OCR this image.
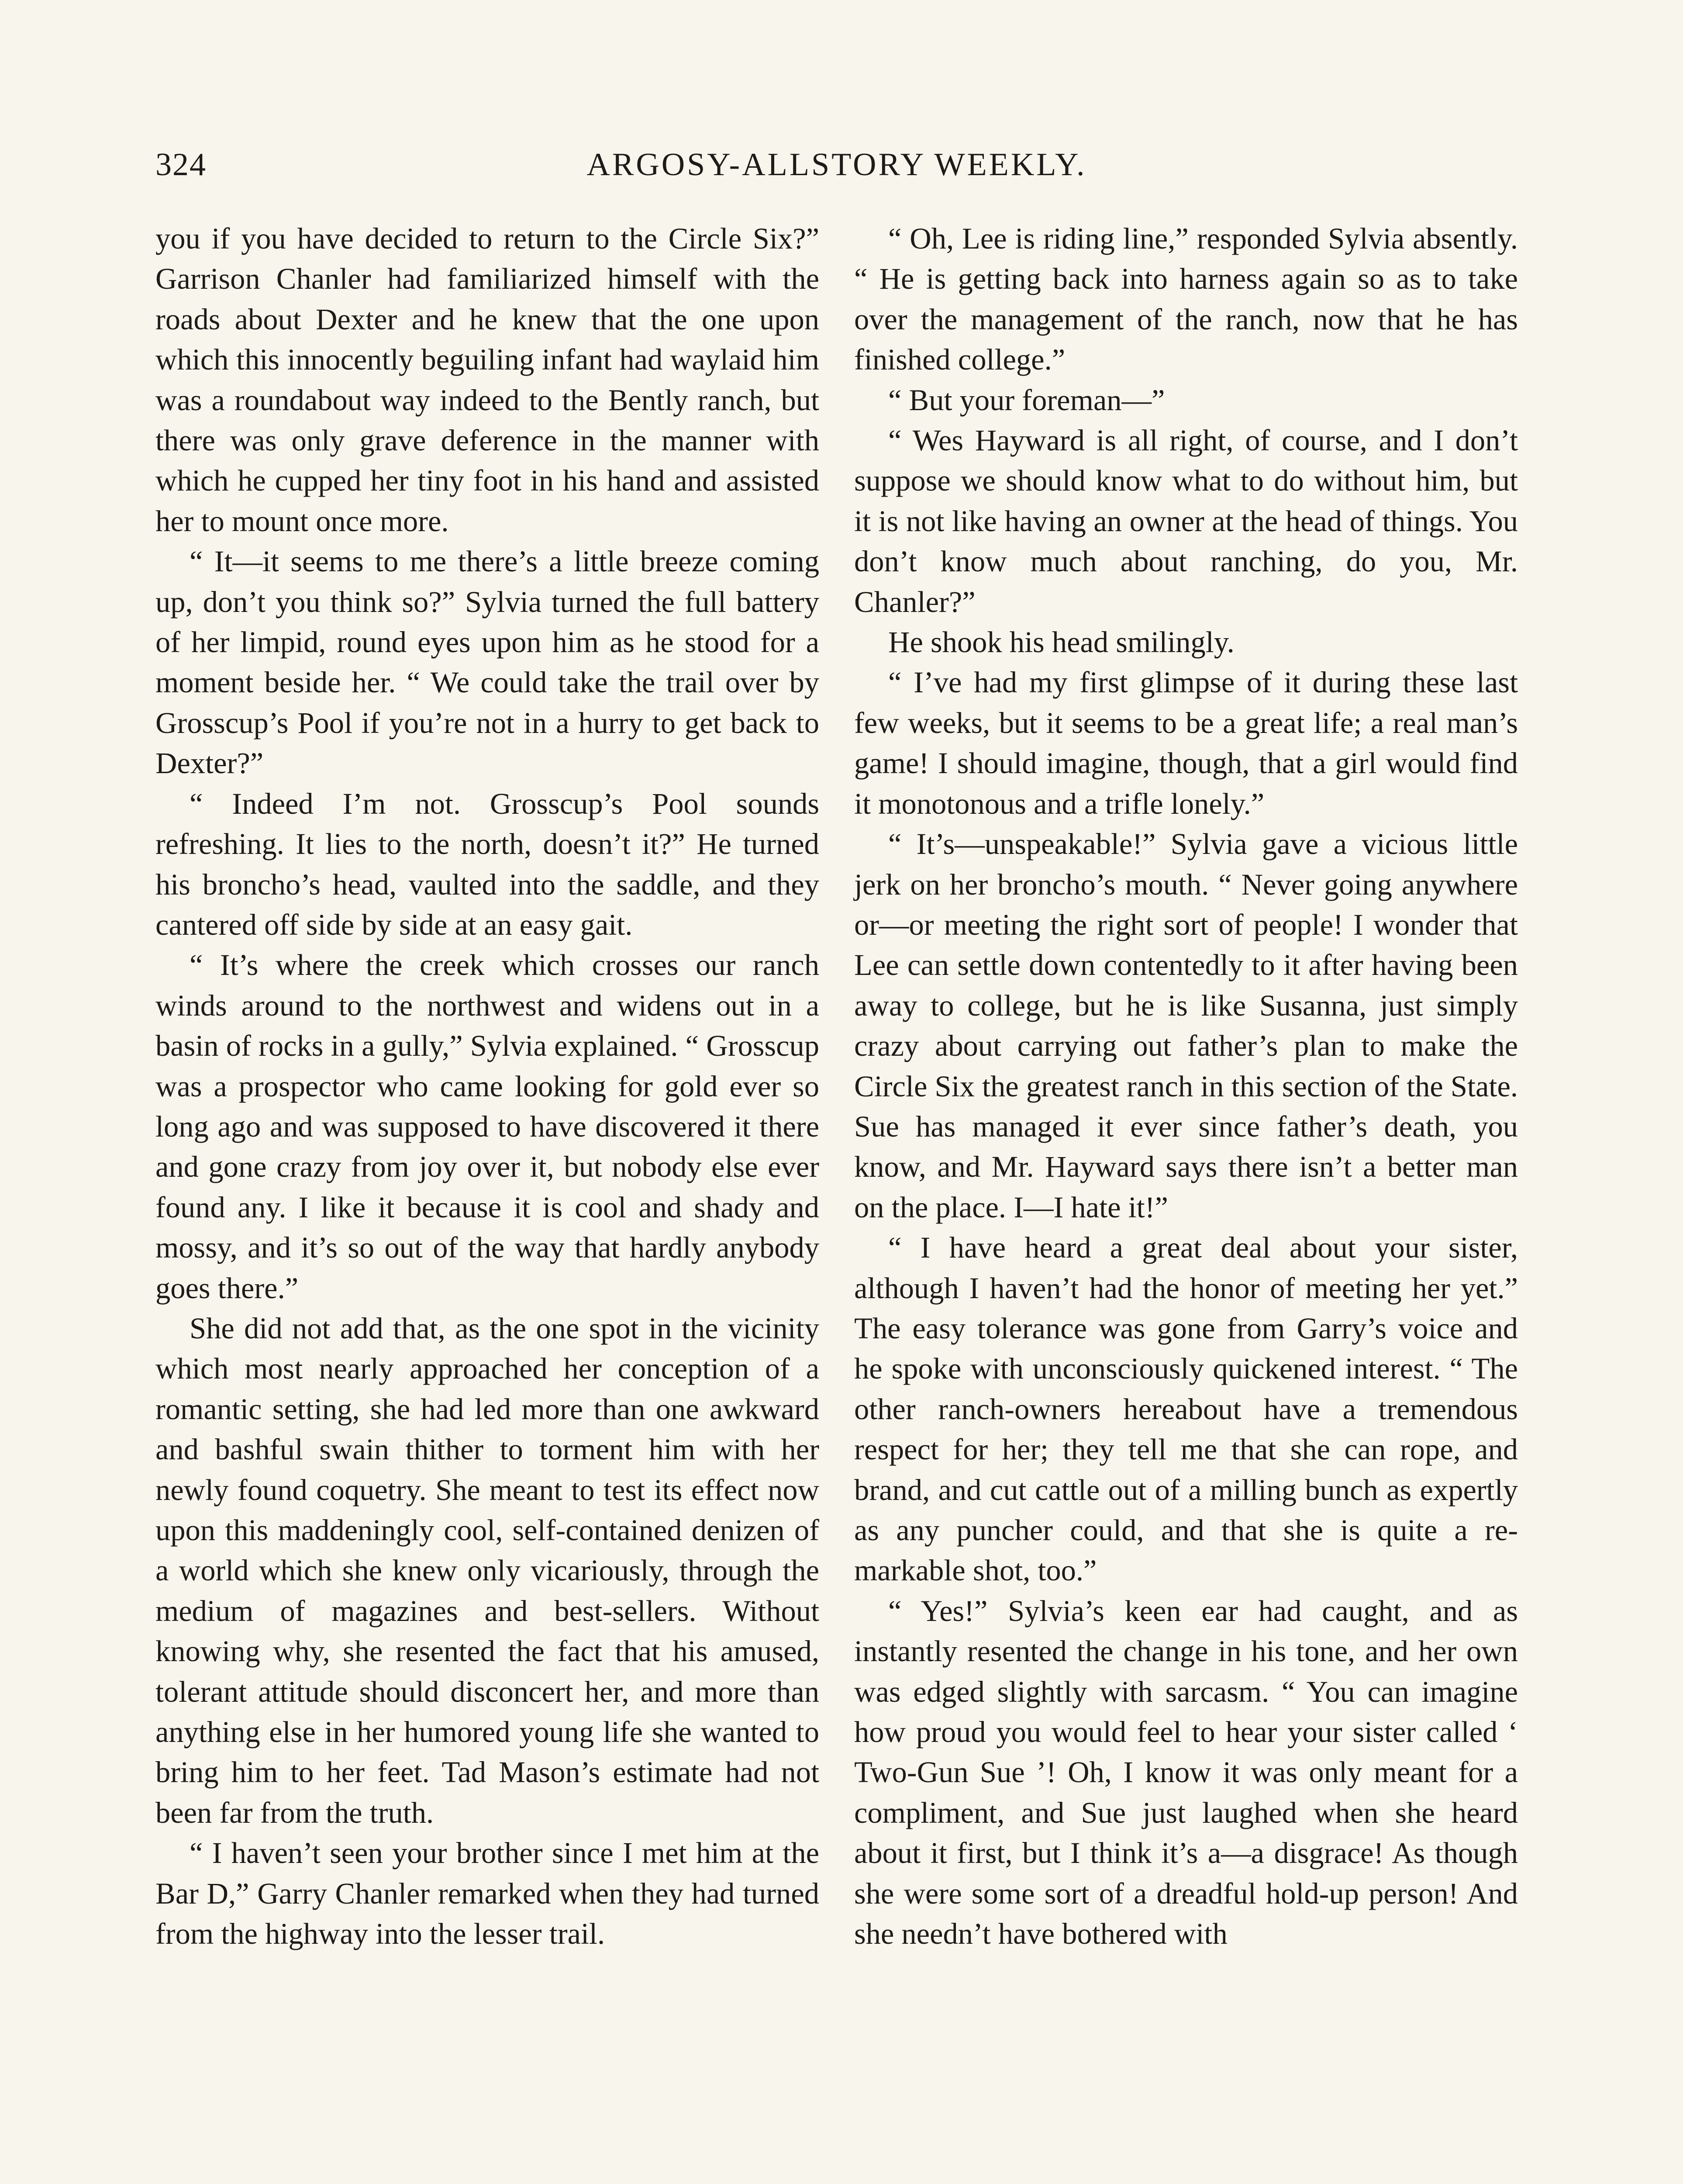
324	ARGOSY-ALLSTORY WEEKLY.

you if you have decided to return to the Circle Six?” Garrison Chanler had familiarized himself with the roads about Dexter and he knew that the one upon which this innocently beguiling infant had waylaid him was a roundabout way indeed to the Bently ranch, but there was only grave deference in the manner with which he cupped her tiny foot in his hand and assisted her to mount once more.

“ It—it seems to me there’s a little breeze coming up, don’t you think so?” Sylvia turned the full battery of her limpid, round eyes upon him as he stood for a moment beside her. “ We could take the trail over by Grosscup’s Pool if you’re not in a hurry to get back to Dexter?”

“ Indeed I’m not. Grosscup’s Pool sounds refreshing. It lies to the north, doesn’t it?” He turned his broncho’s head, vaulted into the saddle, and they cantered off side by side at an easy gait.

“ It’s where the creek which crosses our ranch winds around to the northwest and widens out in a basin of rocks in a gully,” Sylvia explained. “ Grosscup was a prospector who came looking for gold ever so long ago and was supposed to have discovered it there and gone crazy from joy over it, but nobody else ever found any. I like it because it is cool and shady and mossy, and it’s so out of the way that hardly anybody goes there.”

She did not add that, as the one spot in the vicinity which most nearly approached her conception of a romantic setting, she had led more than one awkward and bashful swain thither to torment him with her newly found coquetry. She meant to test its effect now upon this maddeningly cool, self-contained denizen of a world which she knew only vicariously, through the medium of magazines and best-sellers. Without knowing why, she resented the fact that his amused, tolerant attitude should disconcert her, and more than anything else in her humored young life she wanted to bring him to her feet. Tad Mason’s estimate had not been far from the truth.

“ I haven’t seen your brother since I met him at the Bar D,” Garry Chanler remarked when they had turned from the highway into the lesser trail.

“ Oh, Lee is riding line,” responded Sylvia absently. “ He is getting back into harness again so as to take over the management of the ranch, now that he has finished college.”

“ But your foreman—”

“ Wes Hayward is all right, of course, and I don’t suppose we should know what to do without him, but it is not like having an owner at the head of things. You don’t know much about ranching, do you, Mr. Chanler?”

He shook his head smilingly.

“ I’ve had my first glimpse of it during these last few weeks, but it seems to be a great life; a real man’s game! I should imagine, though, that a girl would find it monotonous and a trifle lonely.”

“ It’s—unspeakable!” Sylvia gave a vicious little jerk on her broncho’s mouth. “ Never going anywhere or—or meeting the right sort of people! I wonder that Lee can settle down contentedly to it after having been away to college, but he is like Susanna, just simply crazy about carrying out father’s plan to make the Circle Six the greatest ranch in this section of the State. Sue has managed it ever since father’s death, you know, and Mr. Hayward says there isn’t a better man on the place. I—I hate it!”

“ I have heard a great deal about your sister, although I haven’t had the honor of meeting her yet.” The easy tolerance was gone from Garry’s voice and he spoke with unconsciously quickened interest. “ The other ranch-owners hereabout have a tremendous respect for her; they tell me that she can rope, and brand, and cut cattle out of a milling bunch as expertly as any puncher could, and that she is quite a remarkable shot, too.”

“ Yes!” Sylvia’s keen ear had caught, and as instantly resented the change in his tone, and her own was edged slightly with sarcasm. “ You can imagine how proud you would feel to hear your sister called ‘ Two-Gun Sue ’! Oh, I know it was only meant for a compliment, and Sue just laughed when she heard about it first, but I think it’s a—a disgrace! As though she were some sort of a dreadful hold-up person! And she needn’t have bothered with
